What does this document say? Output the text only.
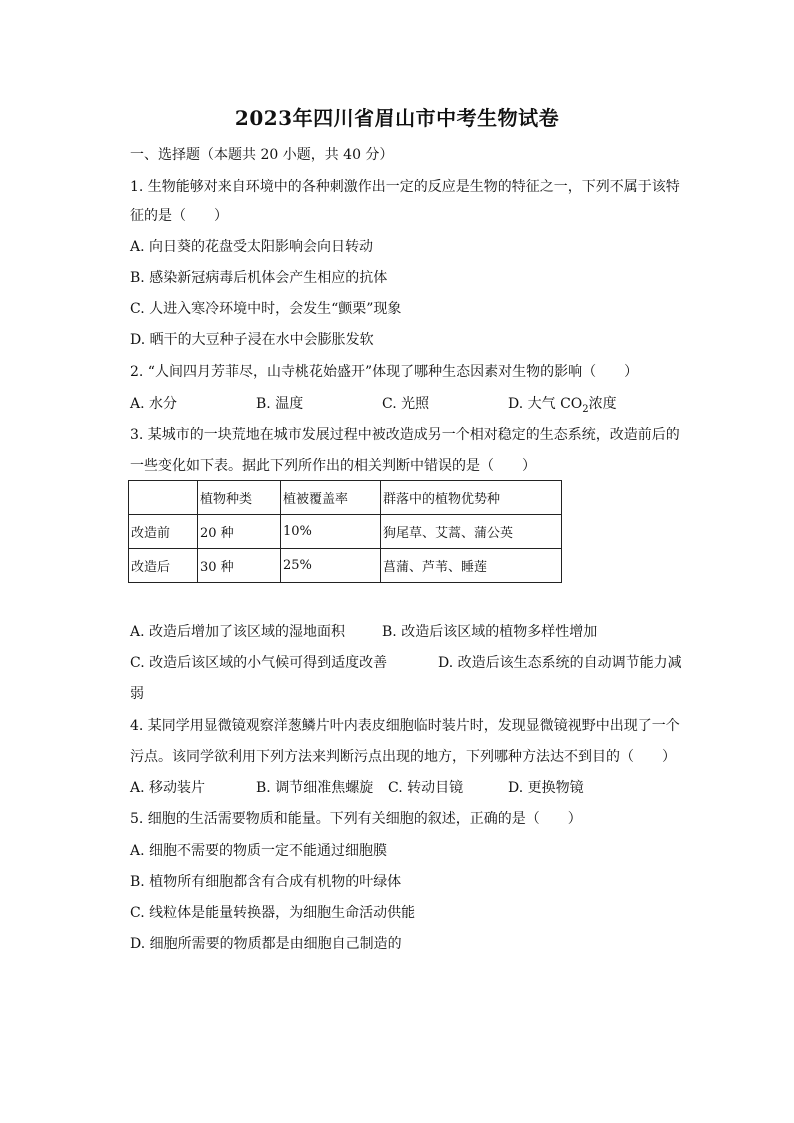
2023年四川省眉山市中考生物试卷
一、选择题（本题共 20 小题，共 40 分）
1. 生物能够对来自环境中的各种刺激作出一定的反应是生物的特征之一，下列不属于该特
征的是（　　）
A. 向日葵的花盘受太阳影响会向日转动
B. 感染新冠病毒后机体会产生相应的抗体
C. 人进入寒冷环境中时，会发生“颤栗”现象
D. 晒干的大豆种子浸在水中会膨胀发软
2. “人间四月芳菲尽，山寺桃花始盛开”体现了哪种生态因素对生物的影响（　　）
A. 水分	B. 温度	C. 光照	D. 大气 $CO_2$浓度
3. 某城市的一块荒地在城市发展过程中被改造成另一个相对稳定的生态系统，改造前后的
一些变化如下表。据此下列所作出的相关判断中错误的是（　　）
	植物种类	植被覆盖率	群落中的植物优势种
改造前	20 种	10%	狗尾草、艾蒿、蒲公英
改造后	30 种	25%	菖蒲、芦苇、睡莲
A. 改造后增加了该区域的湿地面积	B. 改造后该区域的植物多样性增加
C. 改造后该区域的小气候可得到适度改善	D. 改造后该生态系统的自动调节能力减
弱
4. 某同学用显微镜观察洋葱鳞片叶内表皮细胞临时装片时，发现显微镜视野中出现了一个
污点。该同学欲利用下列方法来判断污点出现的地方，下列哪种方法达不到目的（　　）
A. 移动装片	B. 调节细准焦螺旋 C. 转动目镜	D. 更换物镜
5. 细胞的生活需要物质和能量。下列有关细胞的叙述，正确的是（　　）
A. 细胞不需要的物质一定不能通过细胞膜
B. 植物所有细胞都含有合成有机物的叶绿体
C. 线粒体是能量转换器，为细胞生命活动供能
D. 细胞所需要的物质都是由细胞自己制造的
